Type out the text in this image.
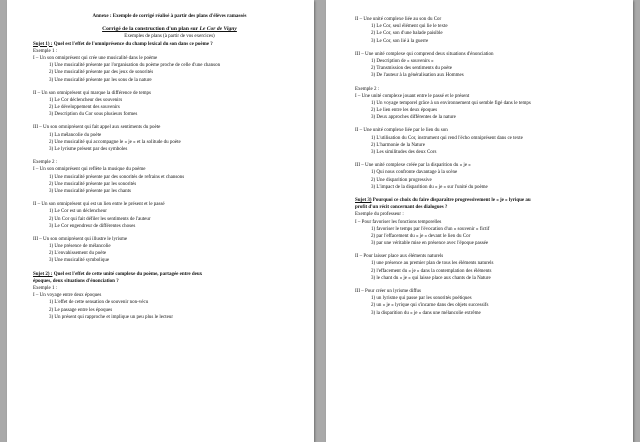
Annexe : Exemple de corrigé réalisé à partir des plans d'élèves ramassés
Corrigé de la construction d'un plan sur Le Cor de Vigny
Exemples de plans (à partir de vos exercices)
Sujet 1) : Quel est l'effet de l'omniprésence du champ lexical du son dans ce poème ?
Exemple 1 :
I – Un son omniprésent qui crée une musicalité dans le poème
1) Une musicalité présente par l'organisation du poème proche de celle d'une chanson
2) Une musicalité présente par des jeux de sonorités
3) Une musicalité présente par les sons de la nature
II – Un son omniprésent qui marque la différence de temps
1) Le Cor déclencheur des souvenirs
2) Le développement des souvenirs
3) Description du Cor sous plusieurs formes
III – Un son omniprésent qui fait appel aux sentiments du poète
1) La mélancolie du poète
2) Une musicalité qui accompagne le « je » et la solitude du poète
3) Le lyrisme présent par des symboles
Exemple 2 :
I – Un son omniprésent qui reflète la musique du poème
1) Une musicalité présente par des sonorités de refrains et chansons
2) Une musicalité présente par les sonorités
3) Une musicalité présente par les chants
II – Un son omniprésent qui est un lien entre le présent et le passé
1) Le Cor est un déclencheur
2) Un Cor qui fait défiler les sentiments de l'auteur
3) Le Cor engendreur de différentes choses
III – Un son omniprésent qui illustre le lyrisme
1) Une présence de mélancolie
2) L'envahissement du poète
3) Une musicalité symbolique
Sujet 2) : Quel est l'effet de cette unité complexe du poème, partagée entre deux
époques, deux situations d'énonciation ?
Exemple 1 :
I – Un voyage entre deux époques
1) L'effet de cette sensation de souvenir non-vécu
2) Le passage entre les époques
3) Un présent qui rapproche et implique un peu plus le lecteur
II – Une unité complexe liée au son du Cor
1) Le Cor, seul élément qui lie le texte
2) Le Cor, son d'une balade paisible
3) Le Cor, son lié à la guerre
III – Une unité complexe qui comprend deux situations d'énonciation
1) Description de « souvenirs »
2) Transmission des sentiments du poète
3) De l'auteur à la généralisation aux Hommes
Exemple 2 :
I – Une unité complexe jouant entre le passé et le présent
1) Un voyage temporel grâce à un environnement qui semble figé dans le temps
2) Le lien entre les deux époques
3) Deux approches différentes de la nature
II – Une unité complexe liée par le lien du son
1) L'utilisation du Cor, instrument qui rend l'écho omniprésent dans ce texte
2) L'harmonie de la Nature
3) Les similitudes des deux Cors
III – Une unité complexe créée par la disparition du « je »
1) Qui nous confronte davantage à la scène
2) Une disparition progressive
3) L'impact de la disparition du « je » sur l'unité du poème
Sujet 3) Pourquoi ce choix du faire disparaître progressivement le « je » lyrique au
profit d'un récit concernant des dialogues ?
Exemple du professeur :
I – Pour favoriser les fonctions temporelles
1) favoriser le temps par l'évocation d'un « souvenir » fictif
2) par l'effacement du « je » devant le lien du Cor
3) par une véritable mise en présence avec l'époque passée
II – Pour laisser place aux éléments naturels
1) une présence au premier plan de tous les éléments naturels
2) l'effacement du « je » dans la contemplation des éléments
3) le chant du « je » qui laisse place aux chants de la Nature
III – Pour créer un lyrisme diffus
1) un lyrisme qui passe par les sonorités poétiques
2) un « je » lyrique qui s'incarne dans des objets successifs
3) la disparition du « je » dans une mélancolie extrême
